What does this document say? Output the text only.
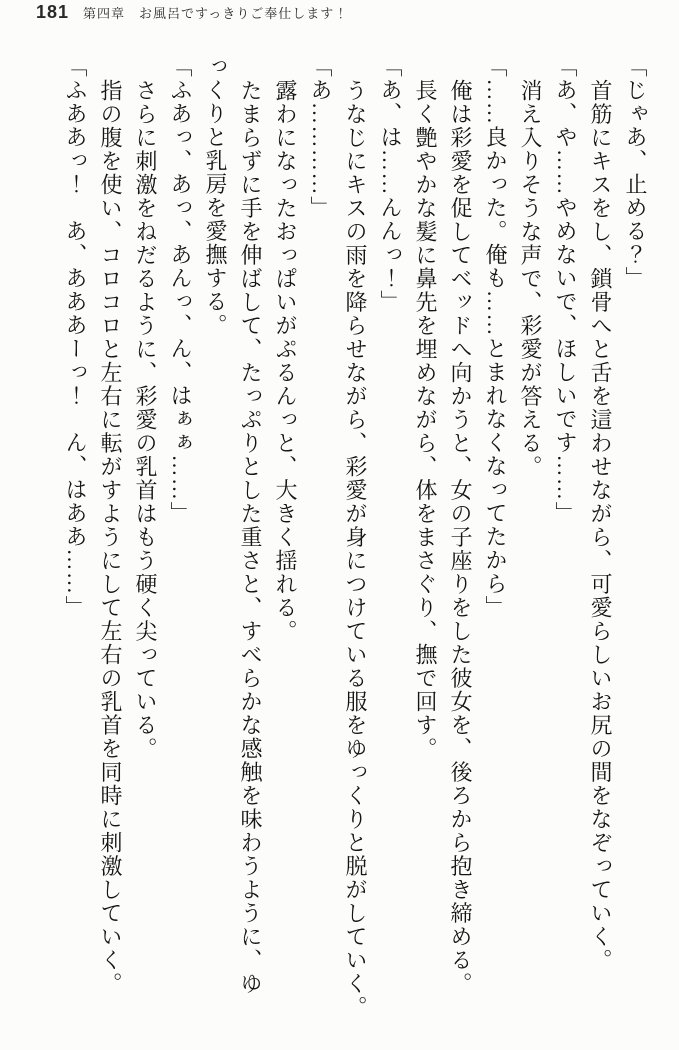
181 第四章　お風呂ですっきりご奉仕します！
「じゃあ、止める？」
首筋にキスをし、鎖骨へと舌を這わせながら、可愛らしいお尻の間をなぞっていく。
「あ、や……やめないで、ほしいです……」
消え入りそうな声で、彩愛が答える。
「……良かった。俺も……とまれなくなってたから」
俺は彩愛を促してベッドへ向かうと、女の子座りをした彼女を、後ろから抱き締める。
長く艶やかな髪に鼻先を埋めながら、体をまさぐり、撫で回す。
「あ、は……んんっ！」
うなじにキスの雨を降らせながら、彩愛が身につけている服をゆっくりと脱がしていく。
「あ…………」
露わになったおっぱいがぷるんっと、大きく揺れる。
たまらずに手を伸ばして、たっぷりとした重さと、すべらかな感触を味わうように、ゆ
っくりと乳房を愛撫する。
「ふあっ、あっ、あんっ、ん、はぁぁ……」
さらに刺激をねだるように、彩愛の乳首はもう硬く尖っている。
指の腹を使い、コロコロと左右に転がすようにして左右の乳首を同時に刺激していく。
「ふああっ！　あ、あああーっ！　ん、はああ……」
